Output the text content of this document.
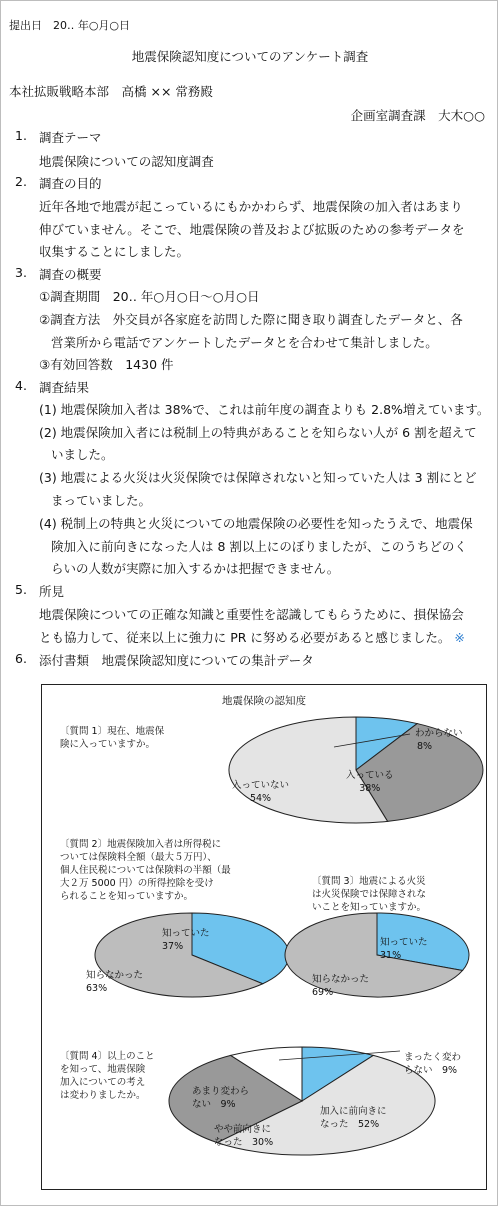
提出日　20‥ 年○月○日
地震保険認知度についてのアンケート調査
本社拡販戦略本部　高橋 ×× 常務殿
企画室調査課　大木○○
1. 調査テーマ
地震保険についての認知度調査
2. 調査の目的
近年各地で地震が起こっているにもかかわらず、地震保険の加入者はあまり
伸びていません。そこで、地震保険の普及および拡販のための参考データを
収集することにしました。
3. 調査の概要
①調査期間　20‥ 年○月○日〜○月○日
②調査方法　外交員が各家庭を訪問した際に聞き取り調査したデータと、各
営業所から電話でアンケートしたデータとを合わせて集計しました。
③有効回答数　1430 件
4. 調査結果
(1) 地震保険加入者は 38%で、これは前年度の調査よりも 2.8%増えています。
(2) 地震保険加入者には税制上の特典があることを知らない人が 6 割を超えて
いました。
(3) 地震による火災は火災保険では保障されないと知っていた人は 3 割にとど
まっていました。
(4) 税制上の特典と火災についての地震保険の必要性を知ったうえで、地震保
険加入に前向きになった人は 8 割以上にのぼりましたが、このうちどのく
らいの人数が実際に加入するかは把握できません。
5. 所見
地震保険についての正確な知識と重要性を認識してもらうために、損保協会
とも協力して、従来以上に強力に PR に努める必要があると感じました。 ※
6. 添付書類　地震保険認知度についての集計データ
地震保険の認知度
〔質問 1〕現在、地震保
険に入っていますか。
わからない
8%
入っている
38%
入っていない
54%
〔質問 2〕地震保険加入者は所得税に
ついては保険料全額（最大５万円）、
個人住民税については保険料の半額（最
大２万 5000 円）の所得控除を受け
られることを知っていますか。
知っていた
37%
知らなかった
63%
〔質問 3〕地震による火災
は火災保険では保障されな
いことを知っていますか。
知っていた
31%
知らなかった
69%
〔質問 4〕以上のこと
を知って、地震保険
加入についての考え
は変わりましたか。
まったく変わ
らない　9%
加入に前向きに
なった　52%
やや前向きに
なった　30%
あまり変わら
ない　9%
